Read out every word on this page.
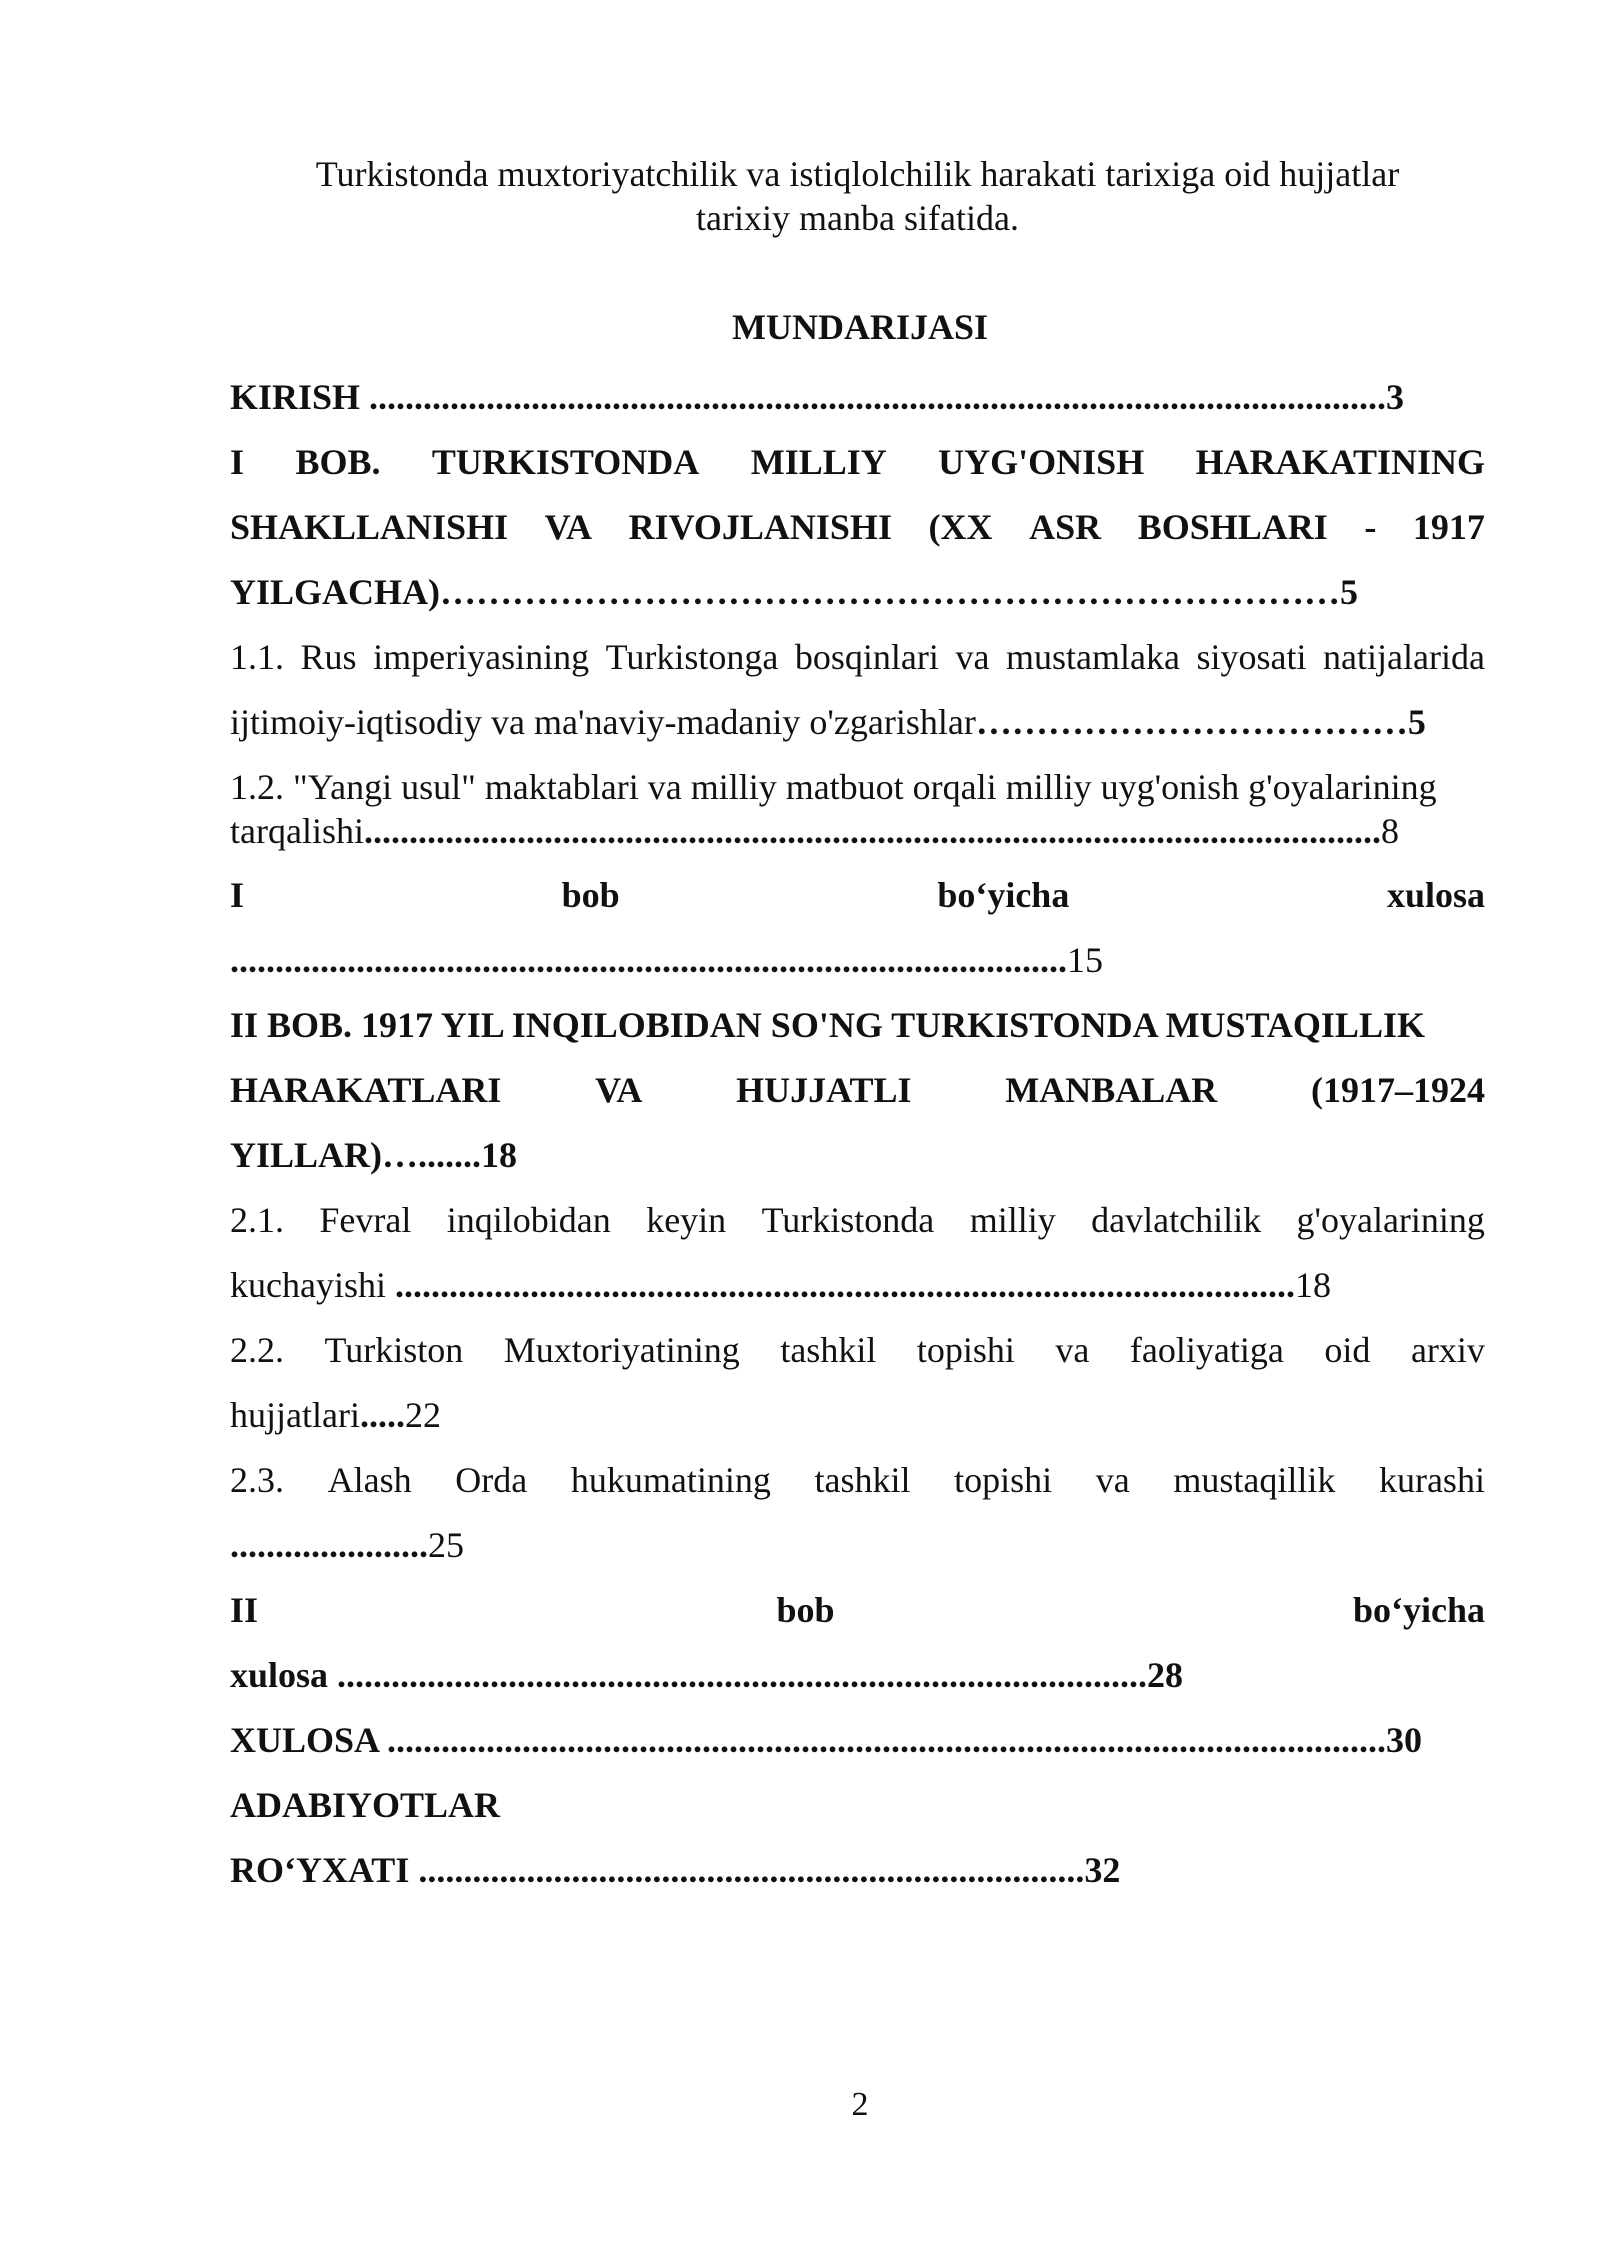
Turkistonda muxtoriyatchilik va istiqlolchilik harakati tarixiga oid hujjatlar
tarixiy manba sifatida.
MUNDARIJASI
KIRISH .................................................................................................................3
I BOB. TURKISTONDA MILLIY UYG'ONISH HARAKATINING
SHAKLLANISHI VA RIVOJLANISHI (XX ASR BOSHLARI - 1917
YILGACHA)…………………………………………………………………5
1.1. Rus imperiyasining Turkistonga bosqinlari va mustamlaka siyosati natijalarida
ijtimoiy-iqtisodiy va ma'naviy-madaniy o'zgarishlar………………………………5
1.2. "Yangi usul" maktablari va milliy matbuot orqali milliy uyg'onish g'oyalarining
tarqalishi.................................................................................................................8
I	bob	bo‘yicha	xulosa
.............................................................................................15
II BOB. 1917 YIL INQILOBIDAN SO'NG TURKISTONDA MUSTAQILLIK
HARAKATLARI	VA	HUJJATLI	MANBALAR	(1917–1924
YILLAR)….......18
2.1. Fevral inqilobidan keyin Turkistonda milliy davlatchilik g'oyalarining
kuchayishi ....................................................................................................18
2.2. Turkiston Muxtoriyatining tashkil topishi va faoliyatiga oid arxiv
hujjatlari.....22
2.3. Alash Orda hukumatining tashkil topishi va mustaqillik kurashi
......................25
II	bob	bo‘yicha
xulosa ..........................................................................................28
XULOSA ...............................................................................................................30
ADABIYOTLAR
RO‘YXATI ..........................................................................32
2
